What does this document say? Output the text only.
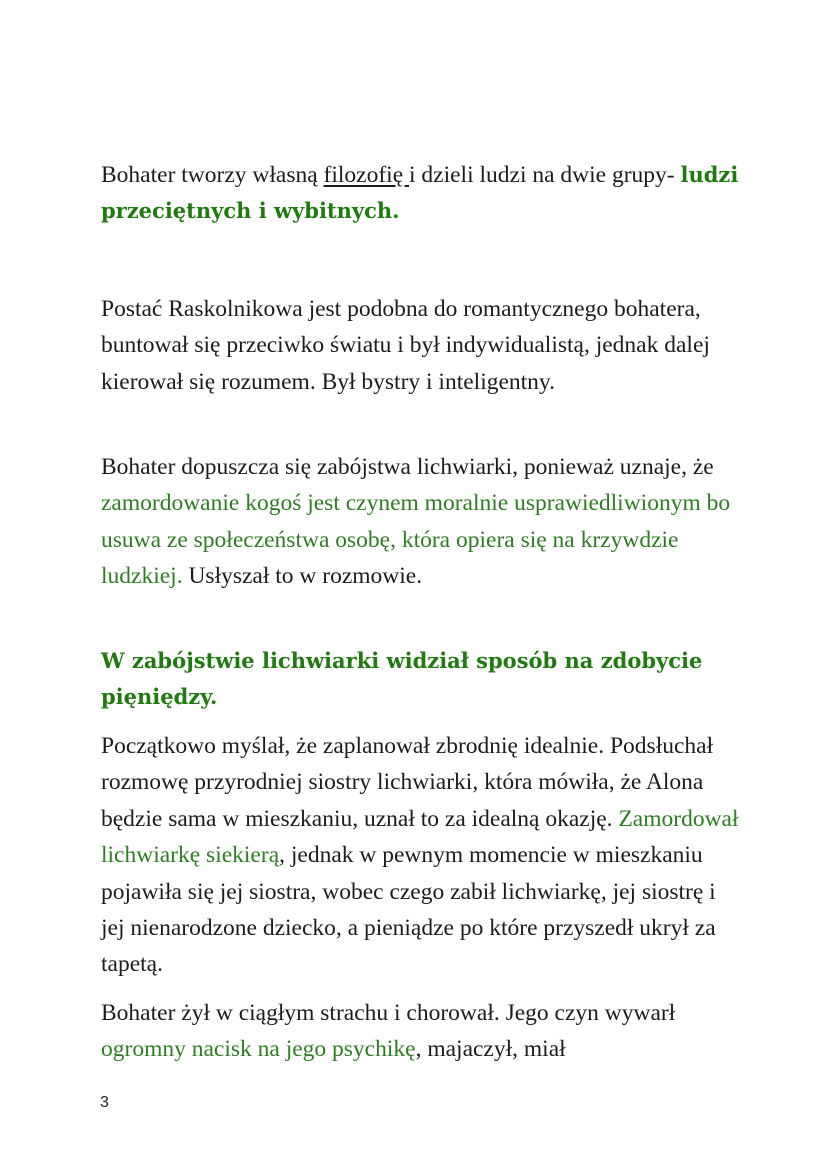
Bohater tworzy własną filozofię i dzieli ludzi na dwie grupy- ludzi przeciętnych i wybitnych.

Postać Raskolnikowa jest podobna do romantycznego bohatera, buntował się przeciwko światu i był indywidualistą, jednak dalej kierował się rozumem. Był bystry i inteligentny.

Bohater dopuszcza się zabójstwa lichwiarki, ponieważ uznaje, że zamordowanie kogoś jest czynem moralnie usprawiedliwionym bo usuwa ze społeczeństwa osobę, która opiera się na krzywdzie ludzkiej. Usłyszał to w rozmowie.

W zabójstwie lichwiarki widział sposób na zdobycie pięniędzy.

Początkowo myślał, że zaplanował zbrodnię idealnie. Podsłuchał rozmowę przyrodniej siostry lichwiarki, która mówiła, że Alona będzie sama w mieszkaniu, uznał to za idealną okazję. Zamordował lichwiarkę siekierą, jednak w pewnym momencie w mieszkaniu pojawiła się jej siostra, wobec czego zabił lichwiarkę, jej siostrę i jej nienarodzone dziecko, a pieniądze po które przyszedł ukrył za tapetą.

Bohater żył w ciągłym strachu i chorował. Jego czyn wywarł ogromny nacisk na jego psychikę, majaczył, miał

3
